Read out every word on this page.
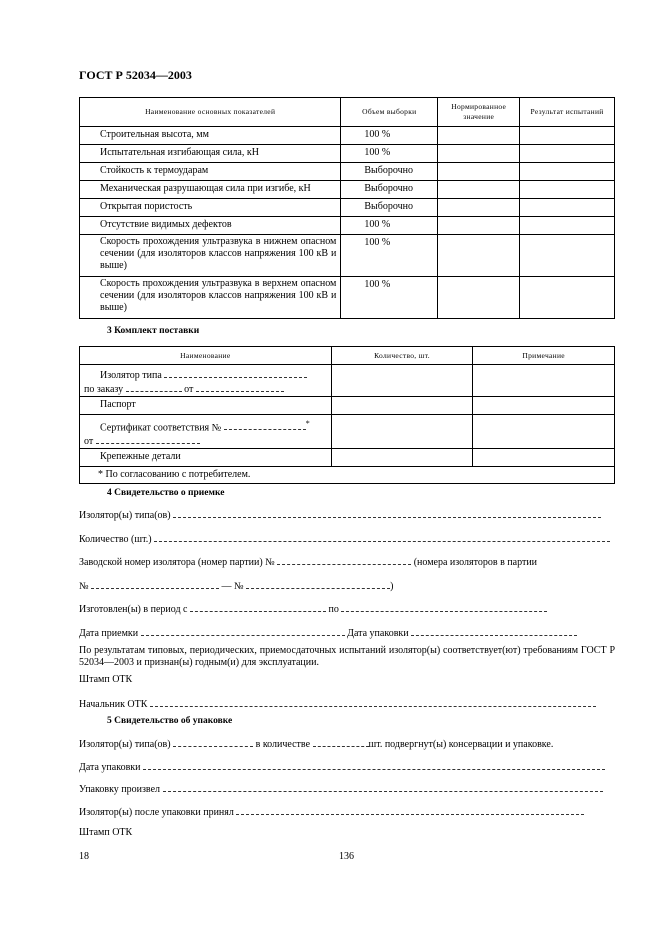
ГОСТ Р 52034—2003
Наименование основных показателей	Объем выборки	Нормированное значение	Результат испытаний
Строительная высота, мм	100 %		
Испытательная изгибающая сила, кН	100 %		
Стойкость к термоударам	Выборочно		
Механическая разрушающая сила при изгибе, кН	Выборочно		
Открытая пористость	Выборочно		
Отсутствие видимых дефектов	100 %		
Скорость прохождения ультразвука в нижнем опасном сечении (для изоляторов классов напряжения 100 кВ и выше)	100 %		
Скорость прохождения ультразвука в верхнем опасном сечении (для изоляторов классов напряжения 100 кВ и выше)	100 %		
3 Комплект поставки
Наименование	Количество, шт.	Примечание

Изолятор типа
по заказу от		

Паспорт		

Сертификат соответствия № *
от		

Крепежные детали		
* По согласованию с потребителем.		
4 Свидетельство о приемке
Изолятор(ы) типа(ов)
Количество (шт.)
Заводской номер изолятора (номер партии) №	(номера изоляторов в партии
№	— №	)
Изготовлен(ы) в период с	по
Дата приемки	Дата упаковки
По результатам типовых, периодических, приемосдаточных испытаний изолятор(ы) соответствует(ют) требованиям ГОСТ Р 52034—2003 и признан(ы) годным(и) для эксплуатации.
Штамп ОТК
Начальник ОТК
5 Свидетельство об упаковке
Изолятор(ы) типа(ов)	в количестве	шт. подвергнут(ы) консервации и упаковке.
Дата упаковки
Упаковку произвел
Изолятор(ы) после упаковки принял
Штамп ОТК
18	136
